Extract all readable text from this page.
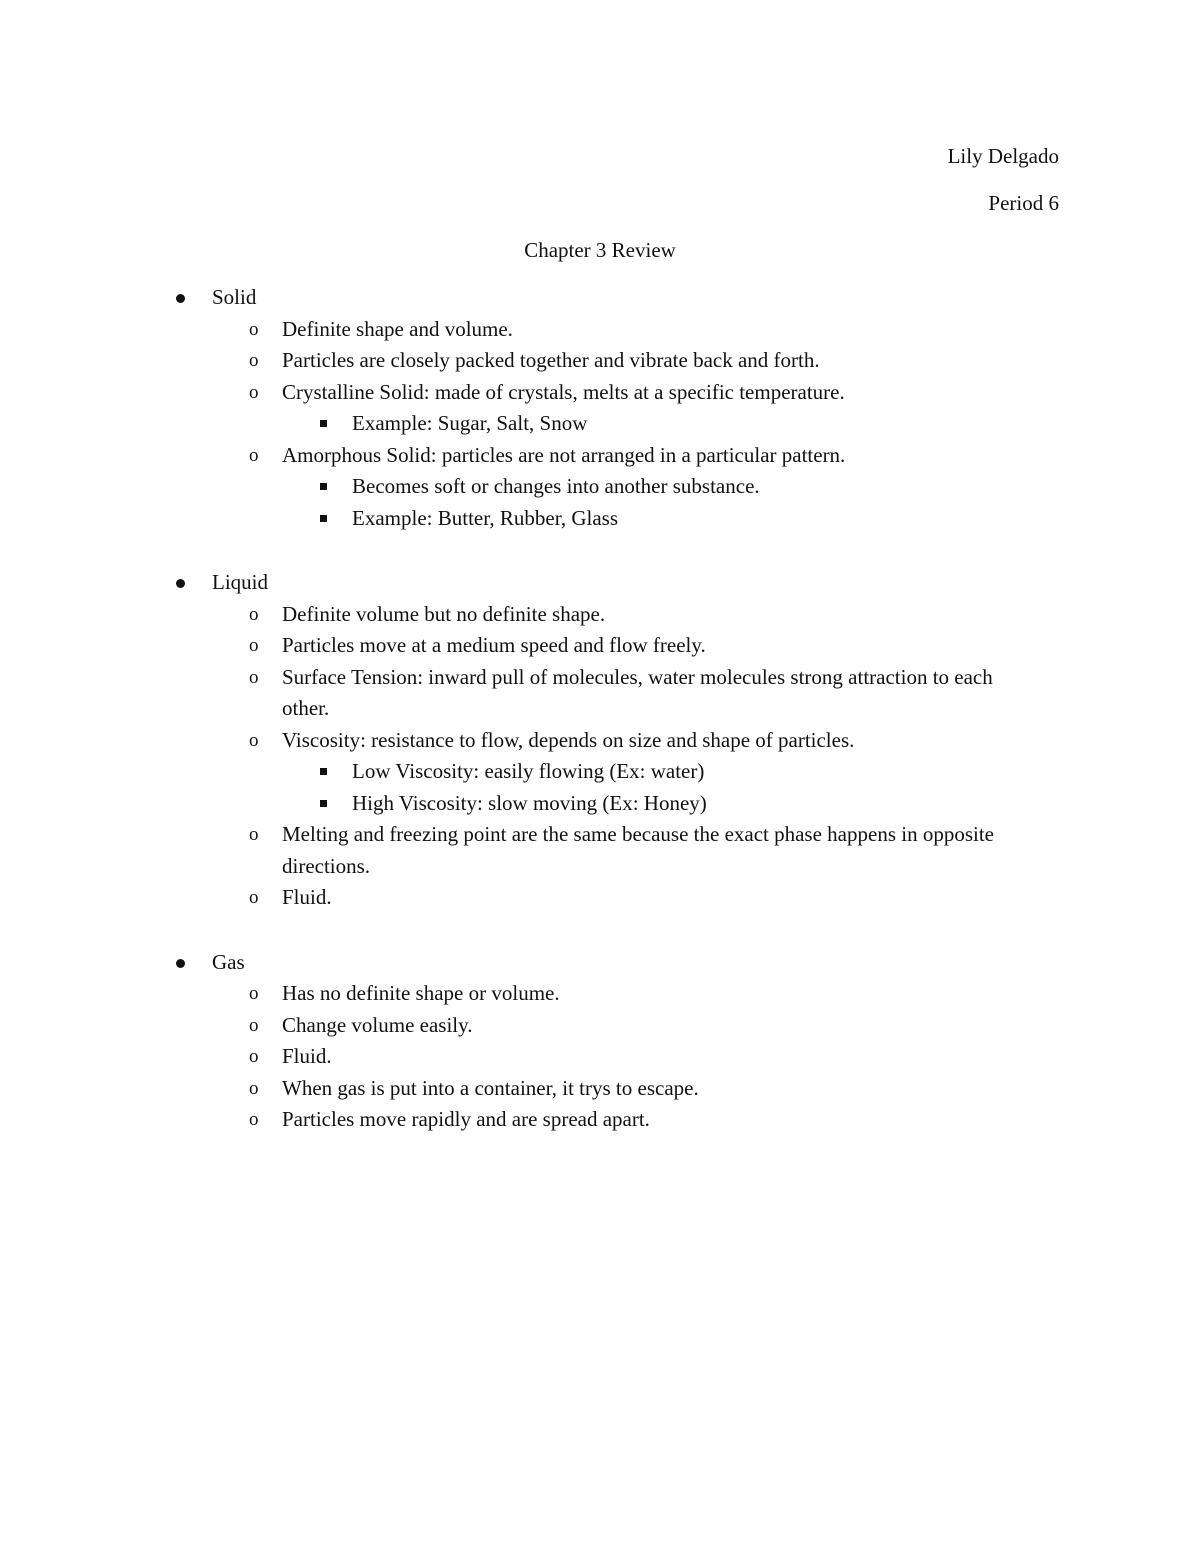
Lily Delgado
Period 6
Chapter 3 Review
Solid
o Definite shape and volume.
o Particles are closely packed together and vibrate back and forth.
o Crystalline Solid: made of crystals, melts at a specific temperature.
Example: Sugar, Salt, Snow
o Amorphous Solid: particles are not arranged in a particular pattern.
Becomes soft or changes into another substance.
Example: Butter, Rubber, Glass
Liquid
o Definite volume but no definite shape.
o Particles move at a medium speed and flow freely.
o Surface Tension: inward pull of molecules, water molecules strong attraction to each other.
o Viscosity: resistance to flow, depends on size and shape of particles.
Low Viscosity: easily flowing (Ex: water)
High Viscosity: slow moving (Ex: Honey)
o Melting and freezing point are the same because the exact phase happens in opposite directions.
o Fluid.
Gas
o Has no definite shape or volume.
o Change volume easily.
o Fluid.
o When gas is put into a container, it trys to escape.
o Particles move rapidly and are spread apart.
